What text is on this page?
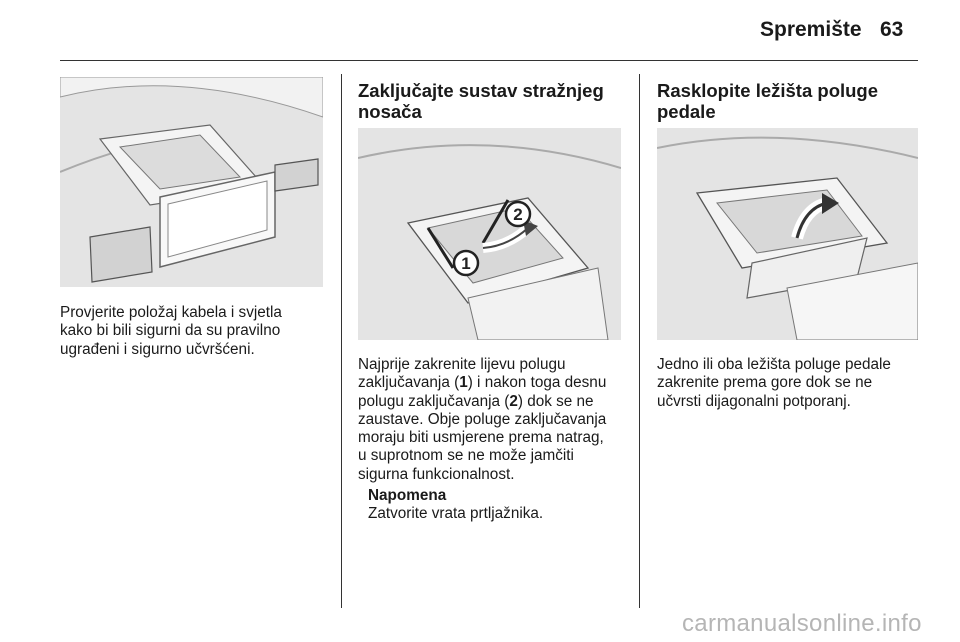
Spremište 63

Provjerite položaj kabela i svjetla
kako bi bili sigurni da su pravilno
ugrađeni i sigurno učvršćeni.

Zaključajte sustav stražnjeg
nosača
1
2

Najprije zakrenite lijevu polugu
zaključavanja (1) i nakon toga desnu
polugu zaključavanja (2) dok se ne
zaustave. Obje poluge zaključavanja
moraju biti usmjerene prema natrag,
u suprotnom se ne može jamčiti
sigurna funkcionalnost.

Napomena

Zatvorite vrata prtljažnika.

Rasklopite ležišta poluge
pedale

Jedno ili oba ležišta poluge pedale
zakrenite prema gore dok se ne
učvrsti dijagonalni potporanj.

carmanualsonline.info
